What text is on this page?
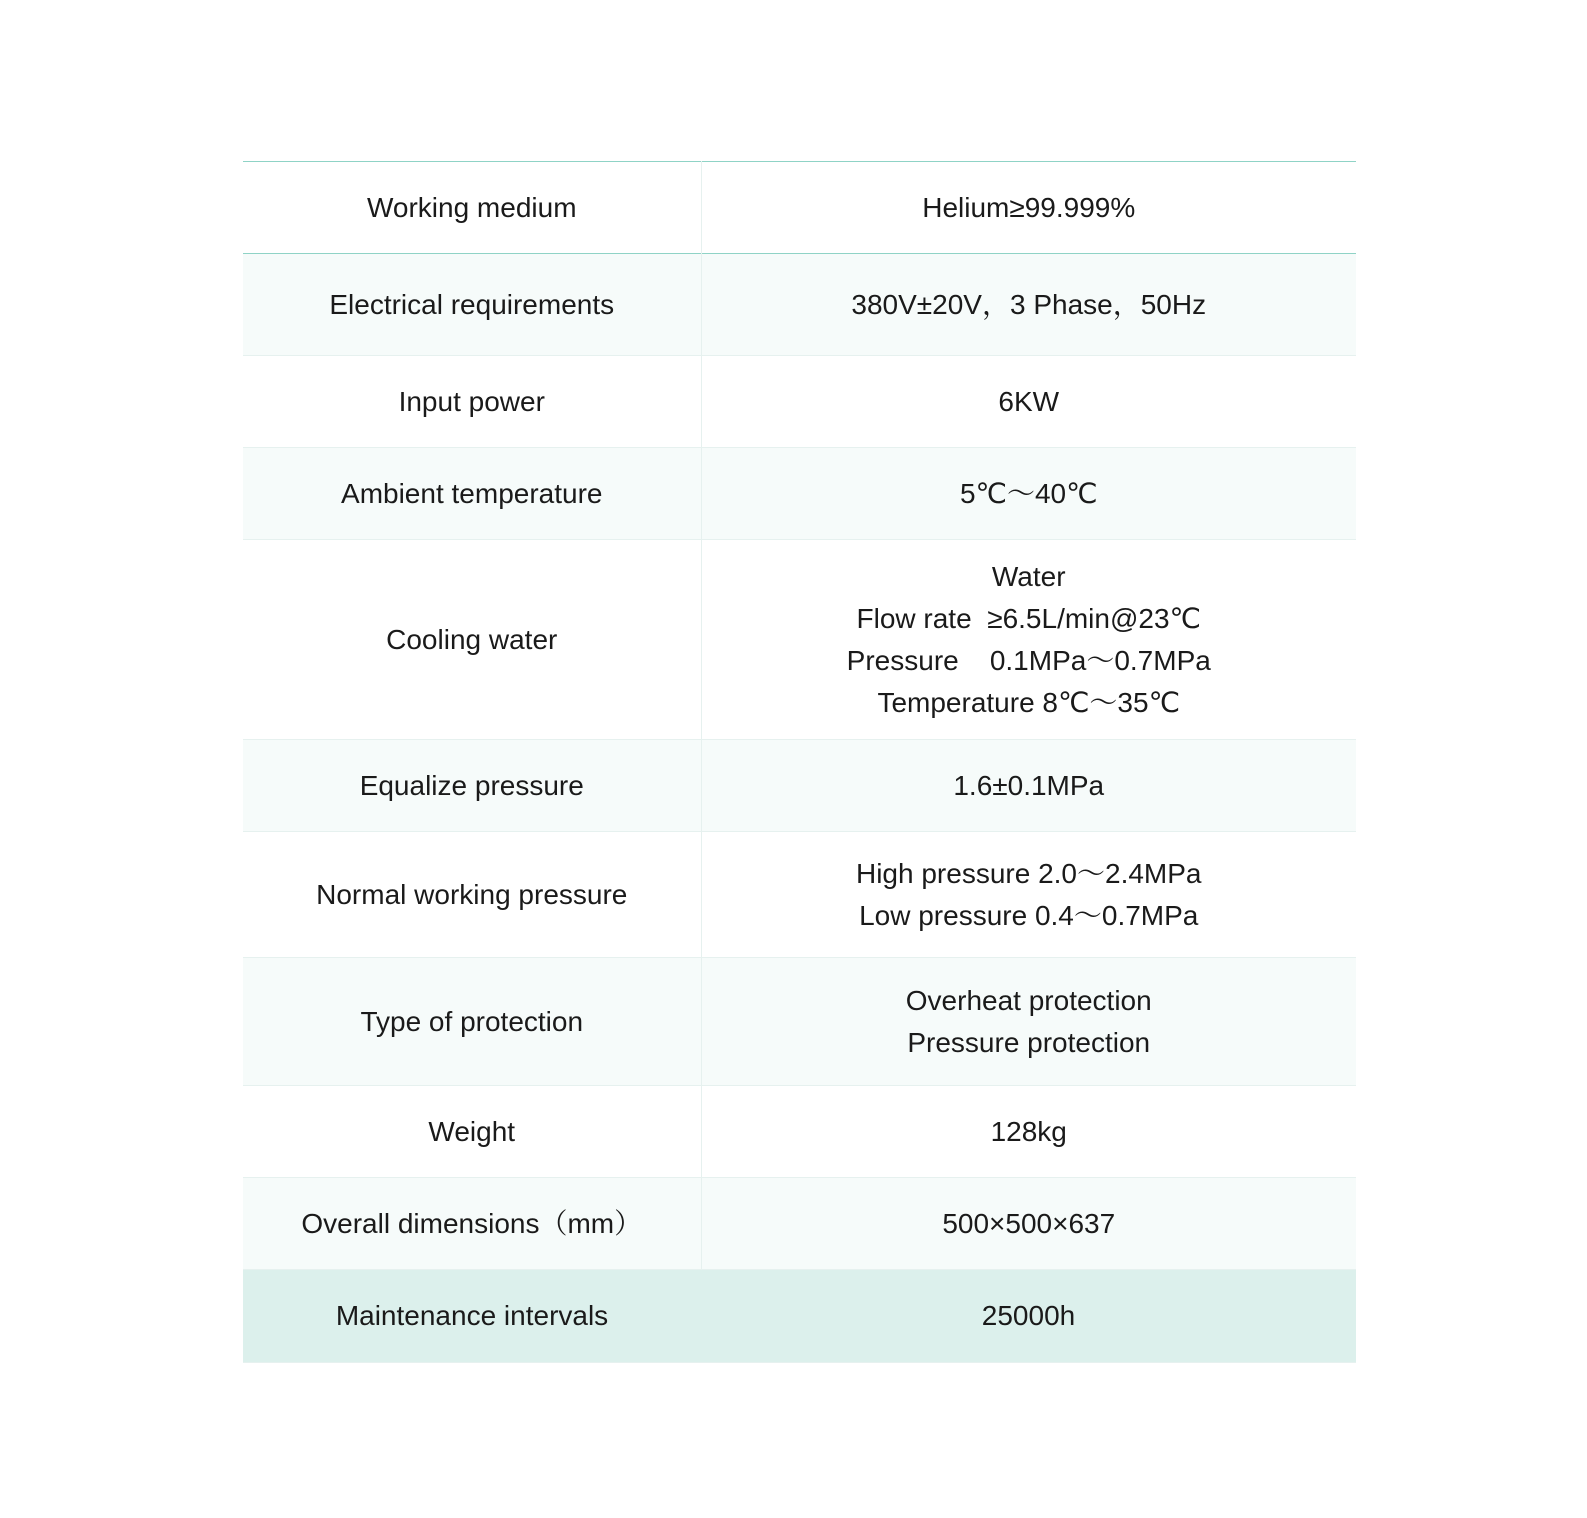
Working medium	Helium≥99.999%

Electrical requirements	380V±20V，3 Phase，50Hz

Input power	6KW

Ambient temperature	5℃～40℃

Cooling water	Water
Flow rate  ≥6.5L/min@23℃
Pressure    0.1MPa～0.7MPa
Temperature 8℃～35℃

Equalize pressure	1.6±0.1MPa

Normal working pressure	High pressure 2.0～2.4MPa
Low pressure 0.4～0.7MPa

Type of protection	Overheat protection
Pressure protection

Weight	128kg

Overall dimensions（mm）	500×500×637

Maintenance intervals	25000h
